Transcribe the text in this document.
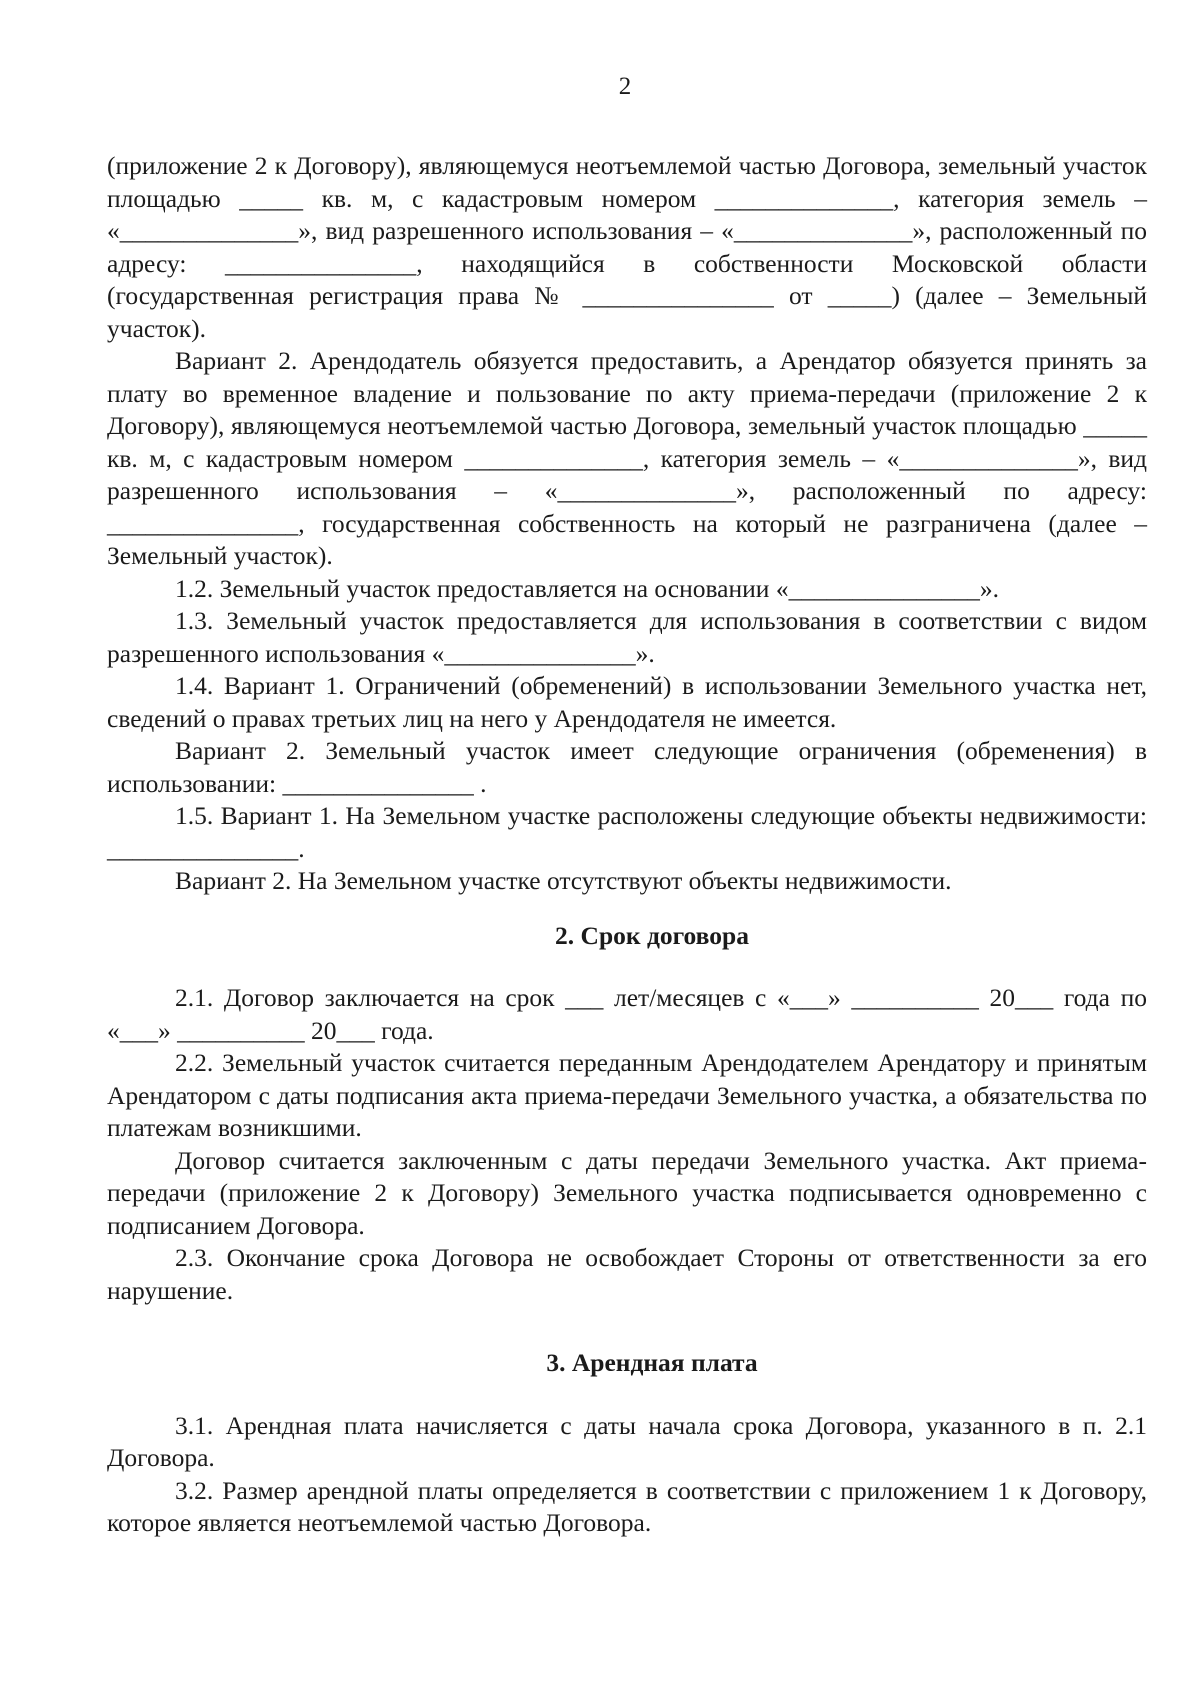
2

(приложение 2 к Договору), являющемуся неотъемлемой частью Договора, земельный участок площадью _____ кв. м, с кадастровым номером ______________, категория земель – «______________», вид разрешенного использования – «______________», расположенный по адресу: _______________, находящийся в собственности Московской области (государственная регистрация права № _______________ от _____) (далее – Земельный участок).

Вариант 2. Арендодатель обязуется предоставить, а Арендатор обязуется принять за плату во временное владение и пользование по акту приема-передачи (приложение 2 к Договору), являющемуся неотъемлемой частью Договора, земельный участок площадью _____ кв. м, с кадастровым номером ______________, категория земель – «______________», вид разрешенного использования – «______________», расположенный по адресу: _______________, государственная собственность на который не разграничена (далее – Земельный участок).

1.2. Земельный участок предоставляется на основании «_______________».

1.3. Земельный участок предоставляется для использования в соответствии с видом разрешенного использования «_______________».

1.4. Вариант 1. Ограничений (обременений) в использовании Земельного участка нет, сведений о правах третьих лиц на него у Арендодателя не имеется.

Вариант 2. Земельный участок имеет следующие ограничения (обременения) в использовании: _______________ .

1.5. Вариант 1. На Земельном участке расположены следующие объекты недвижимости: _______________.

Вариант 2. На Земельном участке отсутствуют объекты недвижимости.

2. Срок договора

2.1. Договор заключается на срок ___ лет/месяцев с «___» __________ 20___ года по «___» __________ 20___ года.

2.2. Земельный участок считается переданным Арендодателем Арендатору и принятым Арендатором с даты подписания акта приема-передачи Земельного участка, а обязательства по платежам возникшими.

Договор считается заключенным с даты передачи Земельного участка. Акт приема-передачи (приложение 2 к Договору) Земельного участка подписывается одновременно с подписанием Договора.

2.3. Окончание срока Договора не освобождает Стороны от ответственности за его нарушение.

3. Арендная плата

3.1. Арендная плата начисляется с даты начала срока Договора, указанного в п. 2.1 Договора.

3.2. Размер арендной платы определяется в соответствии с приложением 1 к Договору, которое является неотъемлемой частью Договора.
